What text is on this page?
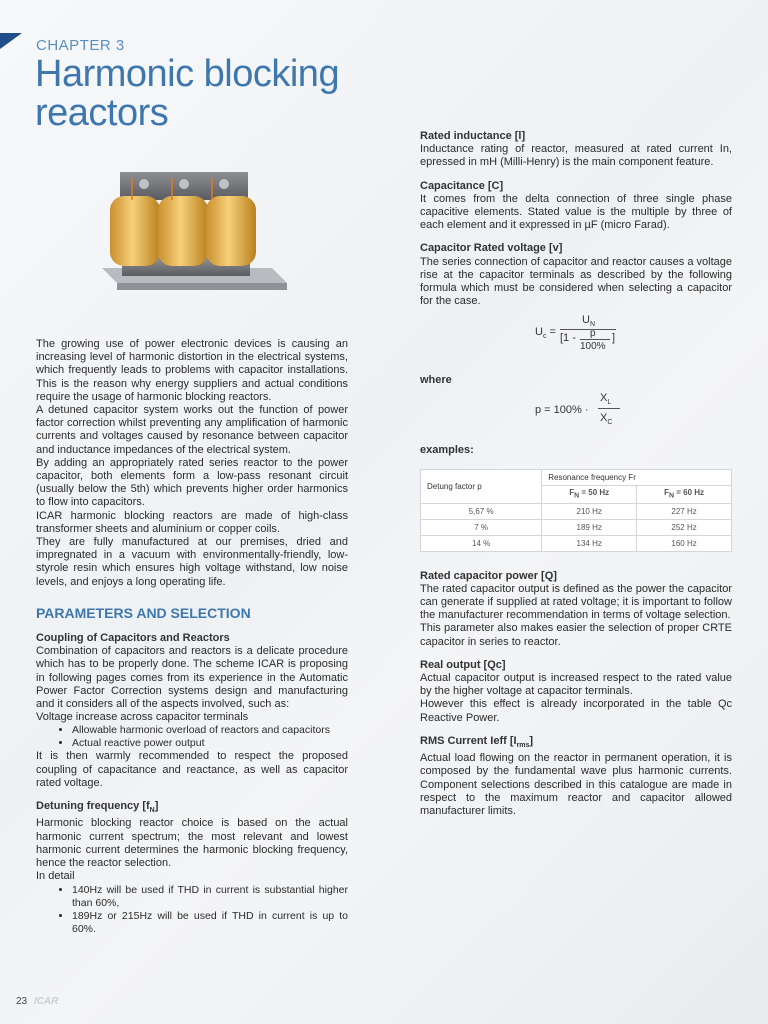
CHAPTER 3
Harmonic blocking reactors

The growing use of power electronic devices is causing an increasing level of harmonic distortion in the electrical systems, which frequently leads to problems with capacitor installations. This is the reason why energy suppliers and actual conditions require the usage of harmonic blocking reactors.

A detuned capacitor system works out the function of power factor correction whilst preventing any amplification of harmonic currents and voltages caused by resonance between capacitor and inductance impedances of the electrical system.

By adding an appropriately rated series reactor to the power capacitor, both elements form a low-pass resonant circuit (usually below the 5th) which prevents higher order harmonics to flow into capacitors.

ICAR harmonic blocking reactors are made of high-class transformer sheets and aluminium or copper coils.

They are fully manufactured at our premises, dried and impregnated in a vacuum with environmentally-friendly, low-styrole resin which ensures high voltage withstand, low noise levels, and enjoys a long operating life.

PARAMETERS AND SELECTION

Coupling of Capacitors and Reactors

Combination of capacitors and reactors is a delicate procedure which has to be properly done. The scheme ICAR is proposing in following pages comes from its experience in the Automatic Power Factor Correction systems design and manufacturing and it considers all of the aspects involved, such as:

Voltage increase across capacitor terminals

• Allowable harmonic overload of reactors and capacitors
• Actual reactive power output

It is then warmly recommended to respect the proposed coupling of capacitance and reactance, as well as capacitor rated voltage.

Detuning frequency $[f_N]$

Harmonic blocking reactor choice is based on the actual harmonic current spectrum; the most relevant and lowest harmonic current determines the harmonic blocking frequency, hence the reactor selection.

In detail

• 140Hz will be used if THD in current is substantial higher than 60%,
• 189Hz or 215Hz will be used if THD in current is up to 60%.

Rated inductance [l]

Inductance rating of reactor, measured at rated current In, epressed in mH (Milli-Henry) is the main component feature.

Capacitance [C]

It comes from the delta connection of three single phase capacitive elements. Stated value is the multiple by three of each element and it expressed in µF (micro Farad).

Capacitor Rated voltage [v]

The series connection of capacitor and reactor causes a voltage rise at the capacitor terminals as described by the following formula which must be considered when selecting a capacitor for the case.

$U_c$ =
$U_N$
[1 - p
100%
]

where

p = 100% ·
$X_L$
$X_C$

examples:

Detung factor p	Resonance frequency Fr	
	$F_N = 50$ Hz	$F_N = 60$ Hz
5,67 %	210 Hz	227 Hz
7 %	189 Hz	252 Hz
14 %	134 Hz	160 Hz

Rated capacitor power [Q]

The rated capacitor output is defined as the power the capacitor can generate if supplied at rated voltage; it is important to follow the manufacturer recommendation in terms of voltage selection.

This parameter also makes easier the selection of proper CRTE capacitor in series to reactor.

Real output [Qc]

Actual capacitor output is increased respect to the rated value by the higher voltage at capacitor terminals.

However this effect is already incorporated in the table Qc Reactive Power.

RMS Current Ieff $[I_{rms}]$

Actual load flowing on the reactor in permanent operation, it is composed by the fundamental wave plus harmonic currents. Component selections described in this catalogue are made in respect to the maximum reactor and capacitor allowed manufacturer limits.

23 ICAR
